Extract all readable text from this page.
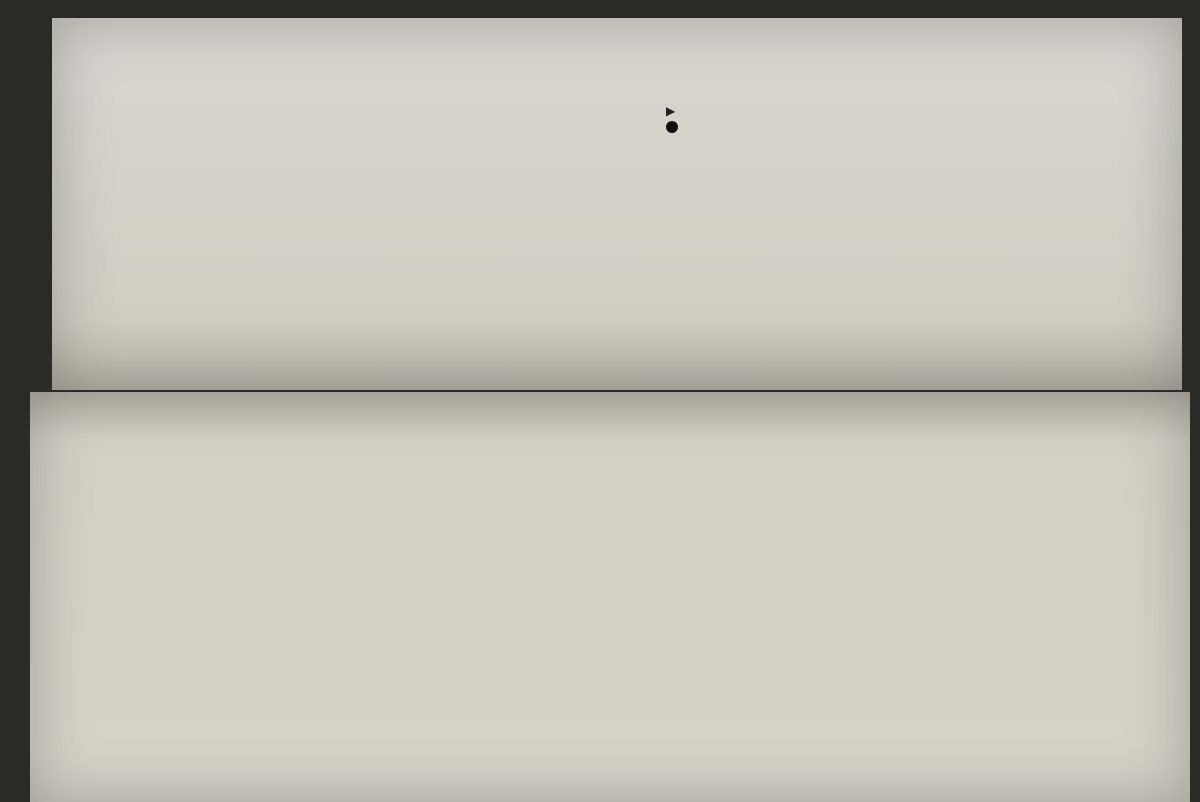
▶
